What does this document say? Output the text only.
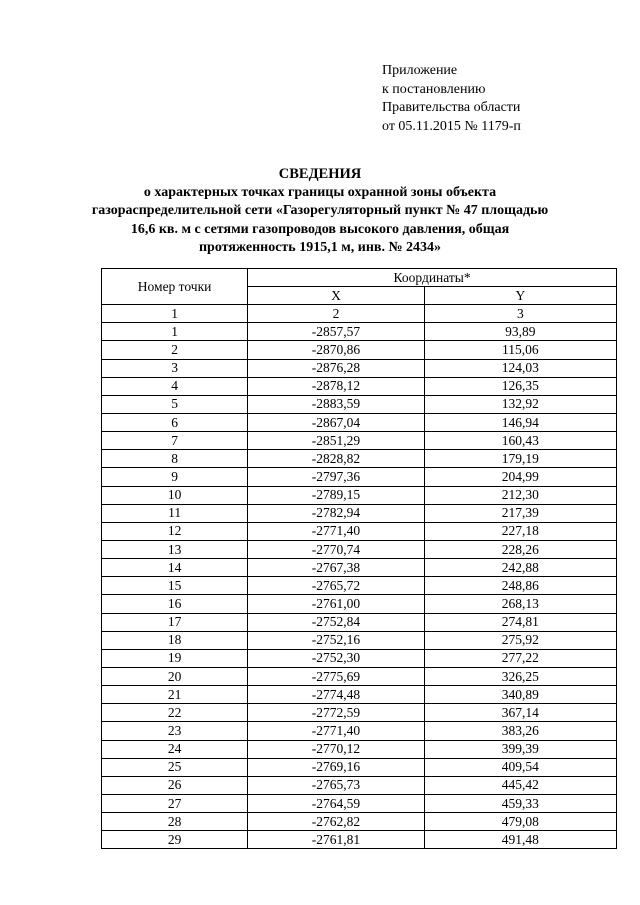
Приложение
к постановлению
Правительства области
от 05.11.2015 № 1179-п
СВЕДЕНИЯ
о характерных точках границы охранной зоны объекта
газораспределительной сети «Газорегуляторный пункт № 47 площадью
16,6 кв. м с сетями газопроводов высокого давления, общая
протяженность 1915,1 м, инв. № 2434»
Номер точки	Координаты*	
	X	Y
1	2	3
1	-2857,57	93,89
2	-2870,86	115,06
3	-2876,28	124,03
4	-2878,12	126,35
5	-2883,59	132,92
6	-2867,04	146,94
7	-2851,29	160,43
8	-2828,82	179,19
9	-2797,36	204,99
10	-2789,15	212,30
11	-2782,94	217,39
12	-2771,40	227,18
13	-2770,74	228,26
14	-2767,38	242,88
15	-2765,72	248,86
16	-2761,00	268,13
17	-2752,84	274,81
18	-2752,16	275,92
19	-2752,30	277,22
20	-2775,69	326,25
21	-2774,48	340,89
22	-2772,59	367,14
23	-2771,40	383,26
24	-2770,12	399,39
25	-2769,16	409,54
26	-2765,73	445,42
27	-2764,59	459,33
28	-2762,82	479,08
29	-2761,81	491,48
